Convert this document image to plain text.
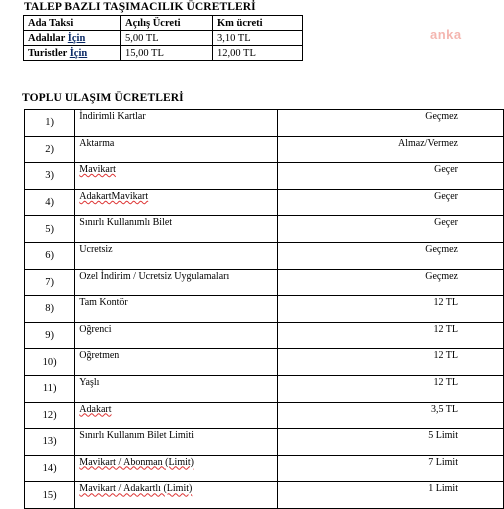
anka
TALEP BAZLI TAŞIMACILIK ÜCRETLERİ
Ada Taksi	Açılış Ücreti	Km ücreti
Adalılar İçin	5,00 TL	3,10 TL
Turistler İçin	15,00 TL	12,00 TL
TOPLU ULAŞIM ÜCRETLERİ
1)	İndirimli Kartlar	Geçmez
2)	Aktarma	Almaz/Vermez
3)	Mavikart	Geçer
4)	AdakartMavikart	Geçer
5)	Sınırlı Kullanımlı Bilet	Geçer
6)	Ucretsiz	Geçmez
7)	Ozel İndirim / Ucretsiz Uygulamaları	Geçmez
8)	Tam Kontör	12 TL
9)	Oğrenci	12 TL
10)	Oğretmen	12 TL
11)	Yaşlı	12 TL
12)	Adakart	3,5 TL
13)	Sınırlı Kullanım Bilet Limiti	5 Limit
14)	Mavikart / Abonman (Limit)	7 Limit
15)	Mavikart / Adakartlı (Limit)	1 Limit
